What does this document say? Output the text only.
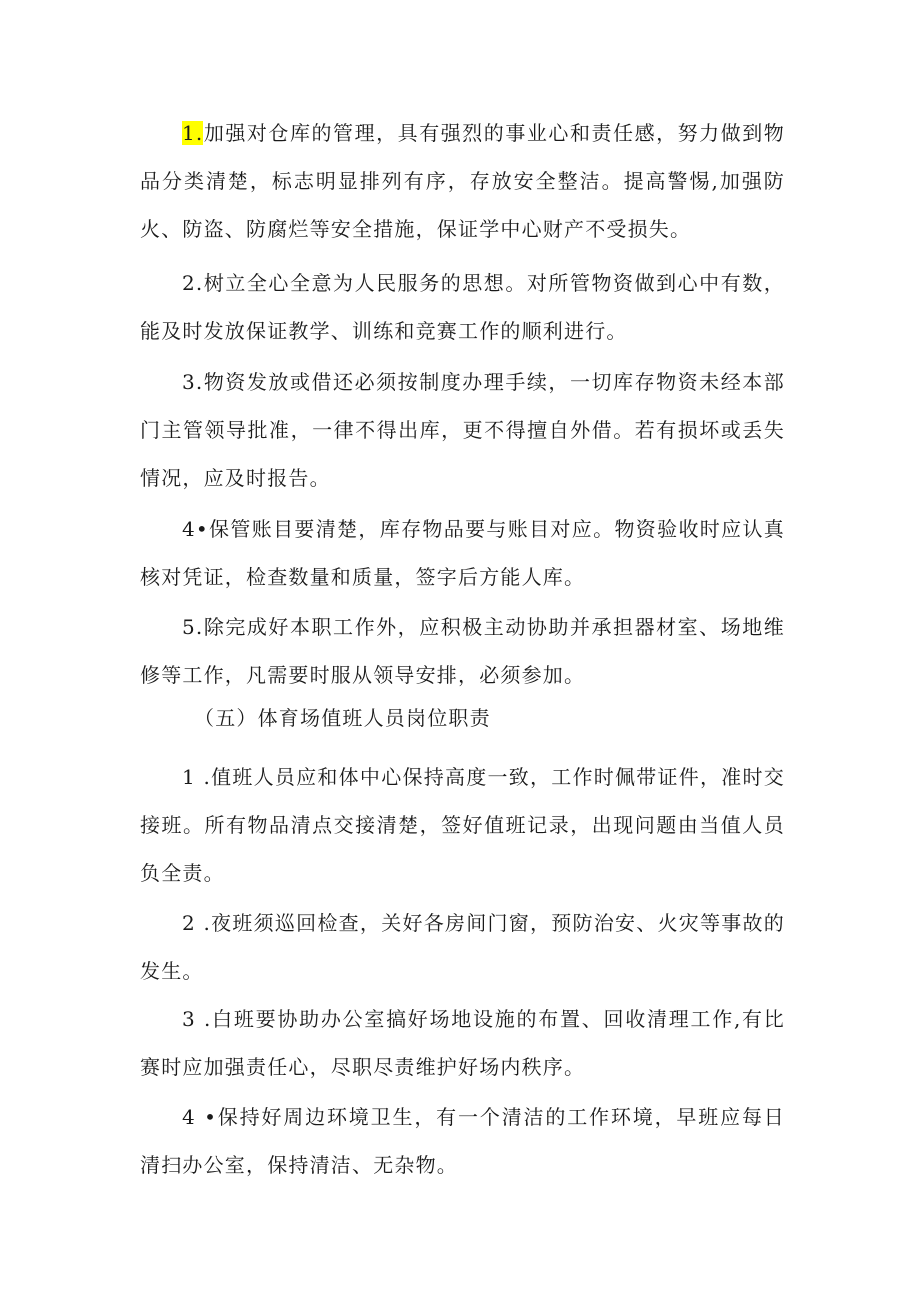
1.加强对仓库的管理，具有强烈的事业心和责任感，努力做到物品分类清楚，标志明显排列有序，存放安全整洁。提高警惕,加强防火、防盗、防腐烂等安全措施，保证学中心财产不受损失。

2.树立全心全意为人民服务的思想。对所管物资做到心中有数，能及时发放保证教学、训练和竞赛工作的顺利进行。

3.物资发放或借还必须按制度办理手续，一切库存物资未经本部门主管领导批准，一律不得出库，更不得擅自外借。若有损坏或丢失情况，应及时报告。

4•保管账目要清楚，库存物品要与账目对应。物资验收时应认真核对凭证，检查数量和质量，签字后方能人库。

5.除完成好本职工作外，应积极主动协助并承担器材室、场地维修等工作，凡需要时服从领导安排，必须参加。

（五）体育场值班人员岗位职责

1 .值班人员应和体中心保持高度一致，工作时佩带证件，准时交接班。所有物品清点交接清楚，签好值班记录，出现问题由当值人员负全责。

2 .夜班须巡回检查，关好各房间门窗，预防治安、火灾等事故的发生。

3 .白班要协助办公室搞好场地设施的布置、回收清理工作,有比赛时应加强责任心，尽职尽责维护好场内秩序。

4 •保持好周边环境卫生，有一个清洁的工作环境，早班应每日清扫办公室，保持清洁、无杂物。
